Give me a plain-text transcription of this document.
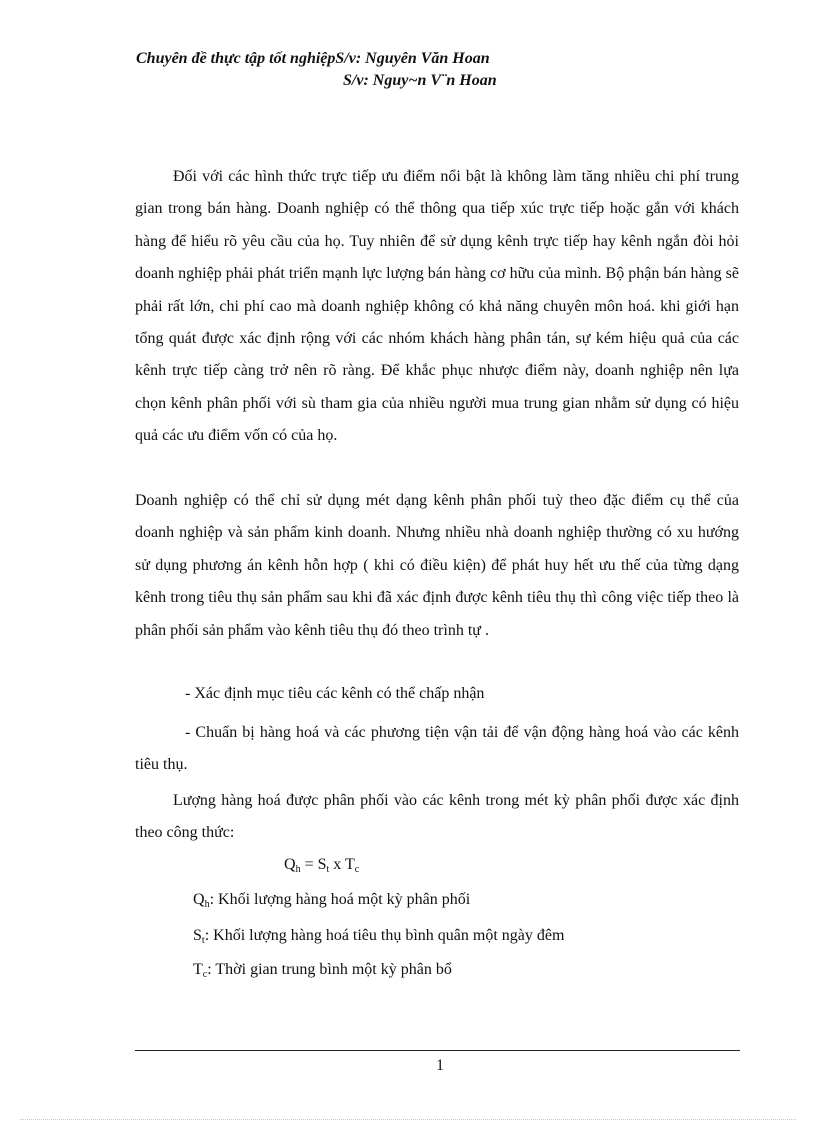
Chuyên đề thực tập tốt nghiệpS/v: Nguyên Văn Hoan

S/v: Nguy~n V¨n Hoan

Đối với các hình thức trực tiếp ưu điểm nổi bật là không làm tăng nhiều chi phí trung gian trong bán hàng. Doanh nghiệp có thể thông qua tiếp xúc trực tiếp hoặc gắn với khách hàng để hiểu rõ yêu cầu của họ. Tuy nhiên để sử dụng kênh trực tiếp hay kênh ngắn đòi hỏi doanh nghiệp phải phát triển mạnh lực lượng bán hàng cơ hữu của mình. Bộ phận bán hàng sẽ phải rất lớn, chi phí cao mà doanh nghiệp không có khả năng chuyên môn hoá. khi giới hạn tổng quát được xác định rộng với các nhóm khách hàng phân tán, sự kém hiệu quả của các kênh trực tiếp càng trở nên rõ ràng. Để khắc phục nhược điểm này, doanh nghiệp nên lựa chọn kênh phân phối với sù tham gia của nhiều người mua trung gian nhằm sử dụng có hiệu quả các ưu điểm vốn có của họ.

Doanh nghiệp có thể chỉ sử dụng mét dạng kênh phân phối tuỳ theo đặc điểm cụ thể của doanh nghiệp và sản phẩm kinh doanh. Nhưng nhiều nhà doanh nghiệp thường có xu hướng sử dụng phương án kênh hỗn hợp ( khi có điều kiện) để phát huy hết ưu thế của từng dạng kênh trong tiêu thụ sản phẩm sau khi đã xác định được kênh tiêu thụ thì công việc tiếp theo là phân phối sản phẩm vào kênh tiêu thụ đó theo trình tự .

- Xác định mục tiêu các kênh có thể chấp nhận

- Chuẩn bị hàng hoá và các phương tiện vận tải để vận động hàng hoá vào các kênh tiêu thụ.

Lượng hàng hoá được phân phối vào các kênh trong mét kỳ phân phối được xác định theo công thức:

$Q_h = S_t$ x $T_c$

$Q_h$: Khối lượng hàng hoá một kỳ phân phối

$S_t$: Khối lượng hàng hoá tiêu thụ bình quân một ngày đêm

$T_c$: Thời gian trung bình một kỳ phân bổ

1
